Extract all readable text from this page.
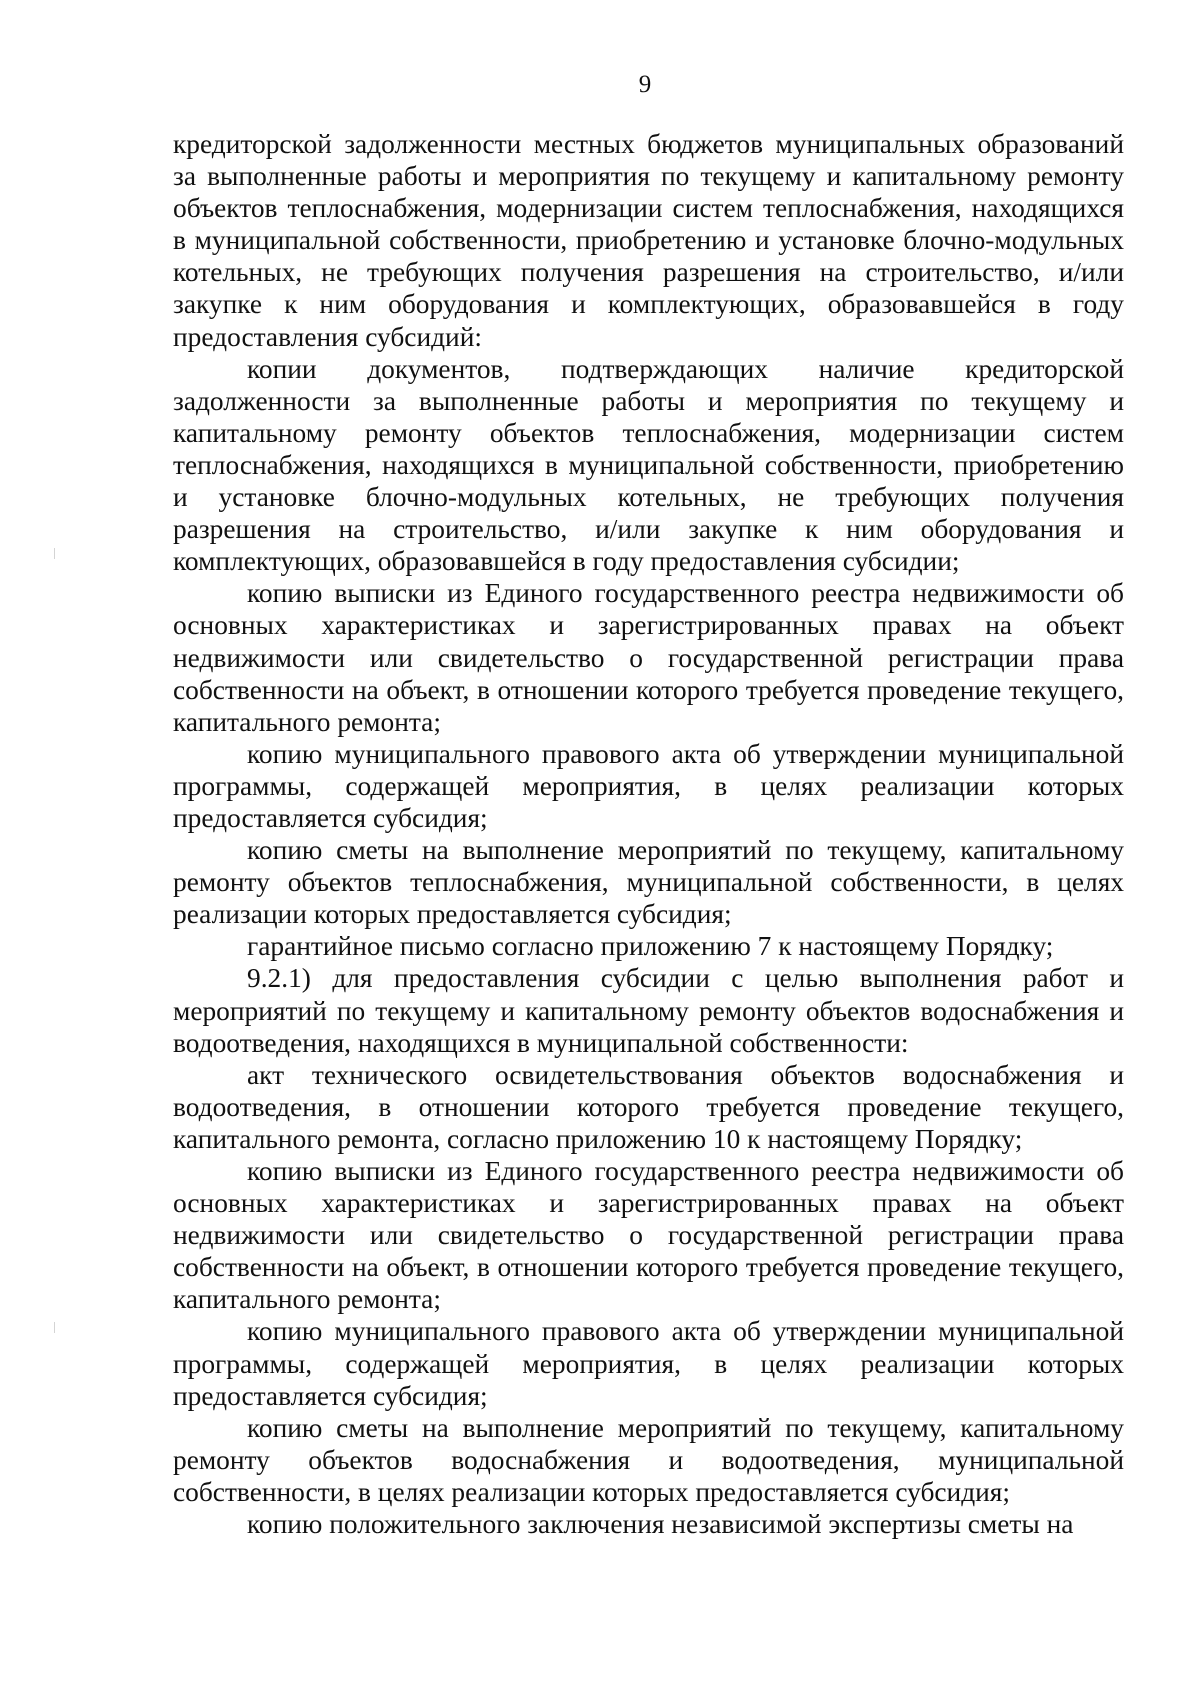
9

кредиторской задолженности местных бюджетов муниципальных образований за выполненные работы и мероприятия по текущему и капитальному ремонту объектов теплоснабжения, модернизации систем теплоснабжения, находящихся в муниципальной собственности, приобретению и установке блочно-модульных котельных, не требующих получения разрешения на строительство, и/или закупке к ним оборудования и комплектующих, образовавшейся в году предоставления субсидий:

копии документов, подтверждающих наличие кредиторской задолженности за выполненные работы и мероприятия по текущему и капитальному ремонту объектов теплоснабжения, модернизации систем теплоснабжения, находящихся в муниципальной собственности, приобретению и установке блочно-модульных котельных, не требующих получения разрешения на строительство, и/или закупке к ним оборудования и комплектующих, образовавшейся в году предоставления субсидии;

копию выписки из Единого государственного реестра недвижимости об основных характеристиках и зарегистрированных правах на объект недвижимости или свидетельство о государственной регистрации права собственности на объект, в отношении которого требуется проведение текущего, капитального ремонта;

копию муниципального правового акта об утверждении муниципальной программы, содержащей мероприятия, в целях реализации которых предоставляется субсидия;

копию сметы на выполнение мероприятий по текущему, капитальному ремонту объектов теплоснабжения, муниципальной собственности, в целях реализации которых предоставляется субсидия;

гарантийное письмо согласно приложению 7 к настоящему Порядку;

9.2.1) для предоставления субсидии с целью выполнения работ и мероприятий по текущему и капитальному ремонту объектов водоснабжения и водоотведения, находящихся в муниципальной собственности:

акт технического освидетельствования объектов водоснабжения и водоотведения, в отношении которого требуется проведение текущего, капитального ремонта, согласно приложению 10 к настоящему Порядку;

копию выписки из Единого государственного реестра недвижимости об основных характеристиках и зарегистрированных правах на объект недвижимости или свидетельство о государственной регистрации права собственности на объект, в отношении которого требуется проведение текущего, капитального ремонта;

копию муниципального правового акта об утверждении муниципальной программы, содержащей мероприятия, в целях реализации которых предоставляется субсидия;

копию сметы на выполнение мероприятий по текущему, капитальному ремонту объектов водоснабжения и водоотведения, муниципальной собственности, в целях реализации которых предоставляется субсидия;

копию положительного заключения независимой экспертизы сметы на
